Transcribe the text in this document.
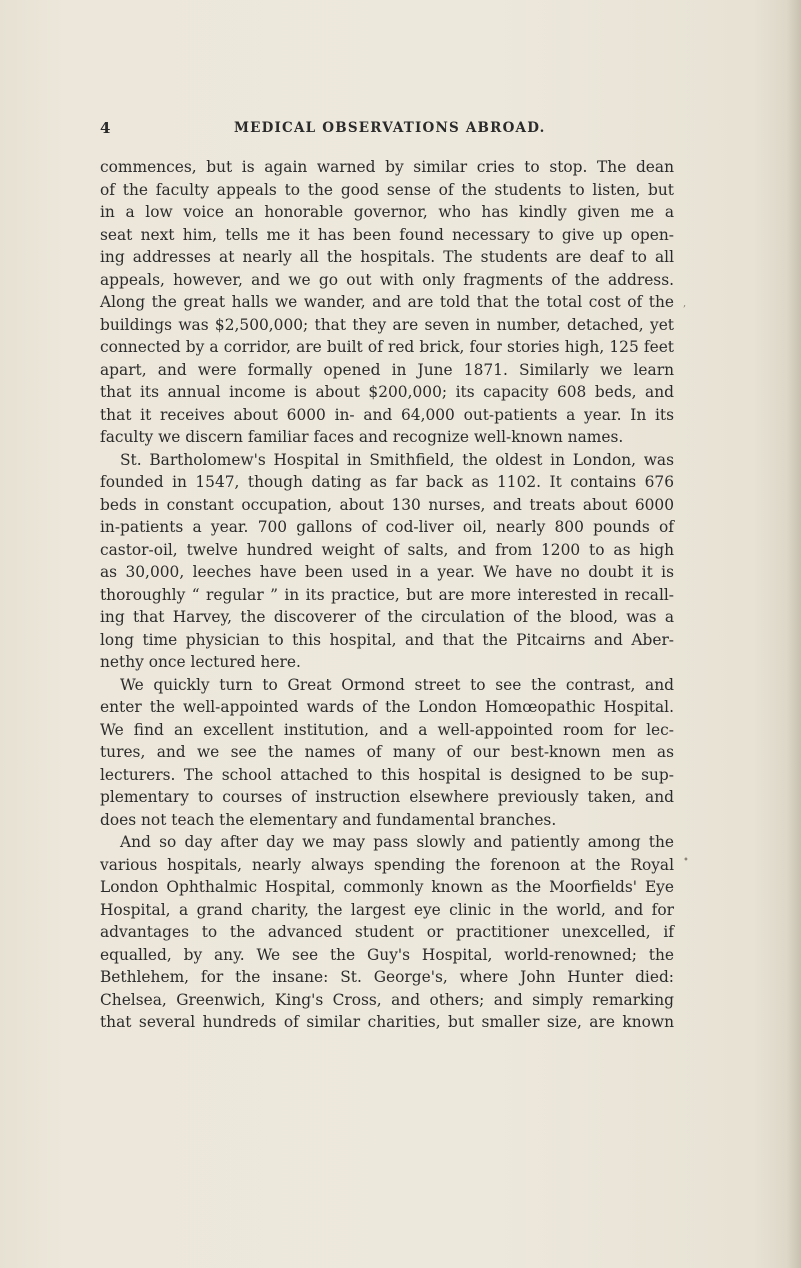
4	MEDICAL OBSERVATIONS ABROAD.
commences, but is again warned by similar cries to stop. The dean
of the faculty appeals to the good sense of the students to listen, but
in a low voice an honorable governor, who has kindly given me a
seat next him, tells me it has been found necessary to give up open-
ing addresses at nearly all the hospitals. The students are deaf to all
appeals, however, and we go out with only fragments of the address.
Along the great halls we wander, and are told that the total cost of the
buildings was $2,500,000; that they are seven in number, detached, yet
connected by a corridor, are built of red brick, four stories high, 125 feet
apart, and were formally opened in June 1871. Similarly we learn
that its annual income is about $200,000; its capacity 608 beds, and
that it receives about 6000 in- and 64,000 out-patients a year. In its
faculty we discern familiar faces and recognize well-known names.
St. Bartholomew's Hospital in Smithfield, the oldest in London, was
founded in 1547, though dating as far back as 1102. It contains 676
beds in constant occupation, about 130 nurses, and treats about 6000
in-patients a year. 700 gallons of cod-liver oil, nearly 800 pounds of
castor-oil, twelve hundred weight of salts, and from 1200 to as high
as 30,000, leeches have been used in a year. We have no doubt it is
thoroughly “ regular ” in its practice, but are more interested in recall-
ing that Harvey, the discoverer of the circulation of the blood, was a
long time physician to this hospital, and that the Pitcairns and Aber-
nethy once lectured here.
We quickly turn to Great Ormond street to see the contrast, and
enter the well-appointed wards of the London Homœopathic Hospital.
We find an excellent institution, and a well-appointed room for lec-
tures, and we see the names of many of our best-known men as
lecturers. The school attached to this hospital is designed to be sup-
plementary to courses of instruction elsewhere previously taken, and
does not teach the elementary and fundamental branches.
And so day after day we may pass slowly and patiently among the
various hospitals, nearly always spending the forenoon at the Royal
London Ophthalmic Hospital, commonly known as the Moorfields' Eye
Hospital, a grand charity, the largest eye clinic in the world, and for
advantages to the advanced student or practitioner unexcelled, if
equalled, by any. We see the Guy's Hospital, world-renowned; the
Bethlehem, for the insane: St. George's, where John Hunter died:
Chelsea, Greenwich, King's Cross, and others; and simply remarking
that several hundreds of similar charities, but smaller size, are known
,
•
